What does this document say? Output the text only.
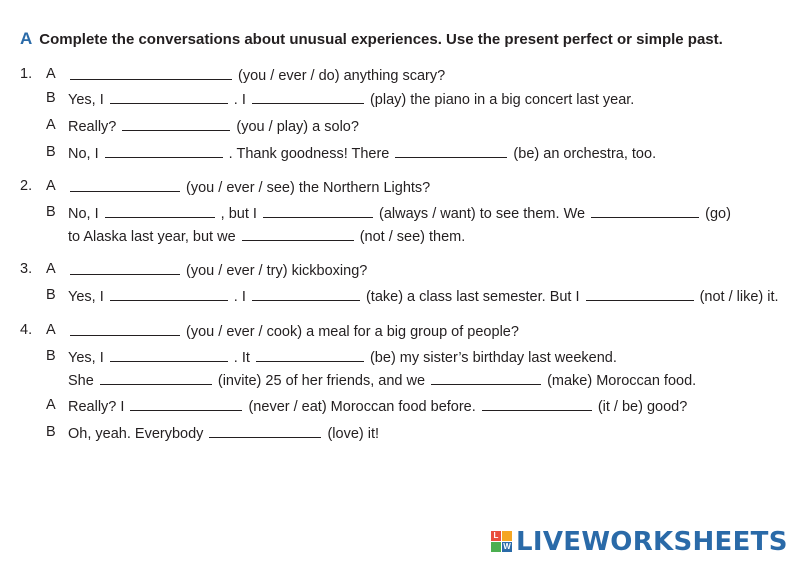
A Complete the conversations about unusual experiences. Use the present perfect or simple past.
1. A	(you / ever / do) anything scary?
B Yes, I	. I	(play) the piano in a big concert last year.
A Really?	(you / play) a solo?
B No, I	. Thank goodness! There	(be) an orchestra, too.
2. A	(you / ever / see) the Northern Lights?
B No, I	, but I	(always / want) to see them. We	(go)
to Alaska last year, but we	(not / see) them.
3. A	(you / ever / try) kickboxing?
B Yes, I	. I	(take) a class last semester. But I	(not / like) it.
4. A	(you / ever / cook) a meal for a big group of people?
B Yes, I	. It	(be) my sister’s birthday last weekend.
She	(invite) 25 of her friends, and we	(make) Moroccan food.
A Really? I	(never / eat) Moroccan food before.	(it / be) good?
B Oh, yeah. Everybody	(love) it!
L
W LIVEWORKSHEETS
